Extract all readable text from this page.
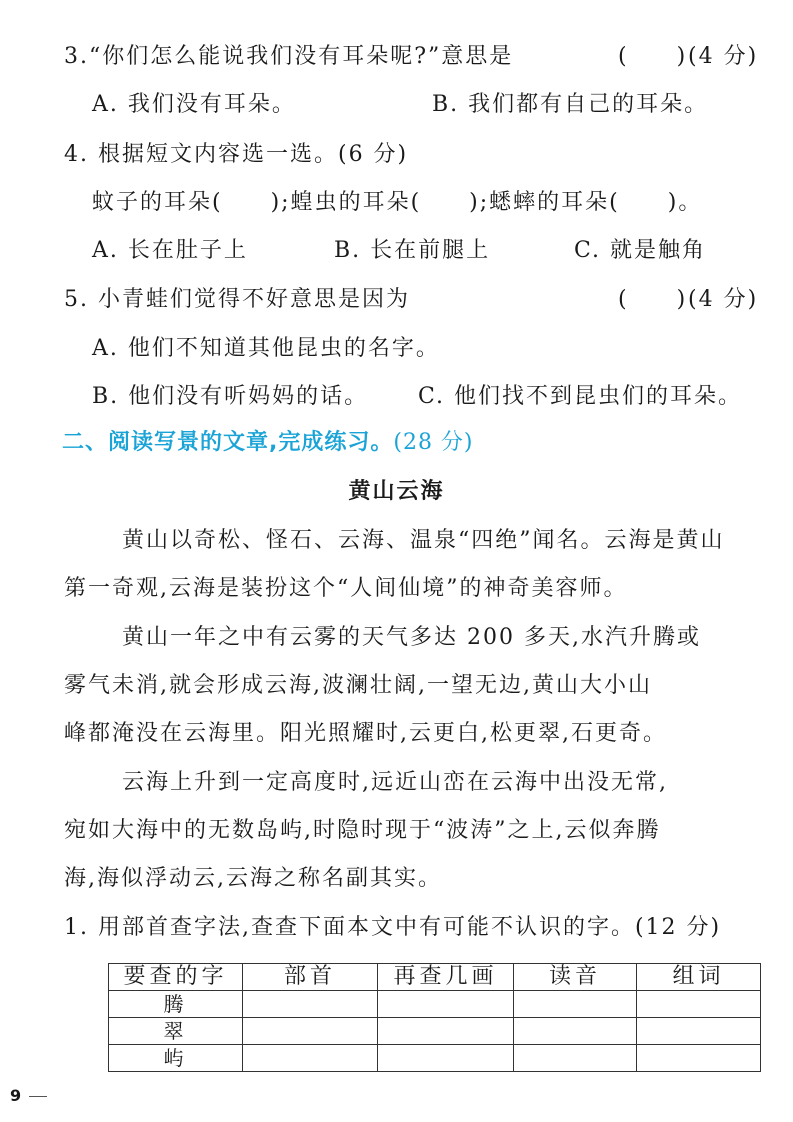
3.“你们怎么能说我们没有耳朵呢?”意思是	(　　) (4 分)
A. 我们没有耳朵。	B. 我们都有自己的耳朵。
4. 根据短文内容选一选。(6 分)
蚊子的耳朵(　　);蝗虫的耳朵(　　);蟋蟀的耳朵(　　)。
A. 长在肚子上	B. 长在前腿上	C. 就是触角
5. 小青蛙们觉得不好意思是因为	(　　) (4 分)
A. 他们不知道其他昆虫的名字。
B. 他们没有听妈妈的话。 C. 他们找不到昆虫们的耳朵。
二、阅读写景的文章,完成练习。(28 分)
黄山云海
黄山以奇松、怪石、云海、温泉“四绝”闻名。云海是黄山
第一奇观,云海是装扮这个“人间仙境”的神奇美容师。
黄山一年之中有云雾的天气多达 200 多天,水汽升腾或
雾气未消,就会形成云海,波澜壮阔,一望无边,黄山大小山
峰都淹没在云海里。阳光照耀时,云更白,松更翠,石更奇。
云海上升到一定高度时,远近山峦在云海中出没无常,
宛如大海中的无数岛屿,时隐时现于“波涛”之上,云似奔腾
海,海似浮动云,云海之称名副其实。
1. 用部首查字法,查查下面本文中有可能不认识的字。(12 分)
要查的字	部首	再查几画	读音	组词
腾				
翠				
屿				
9
